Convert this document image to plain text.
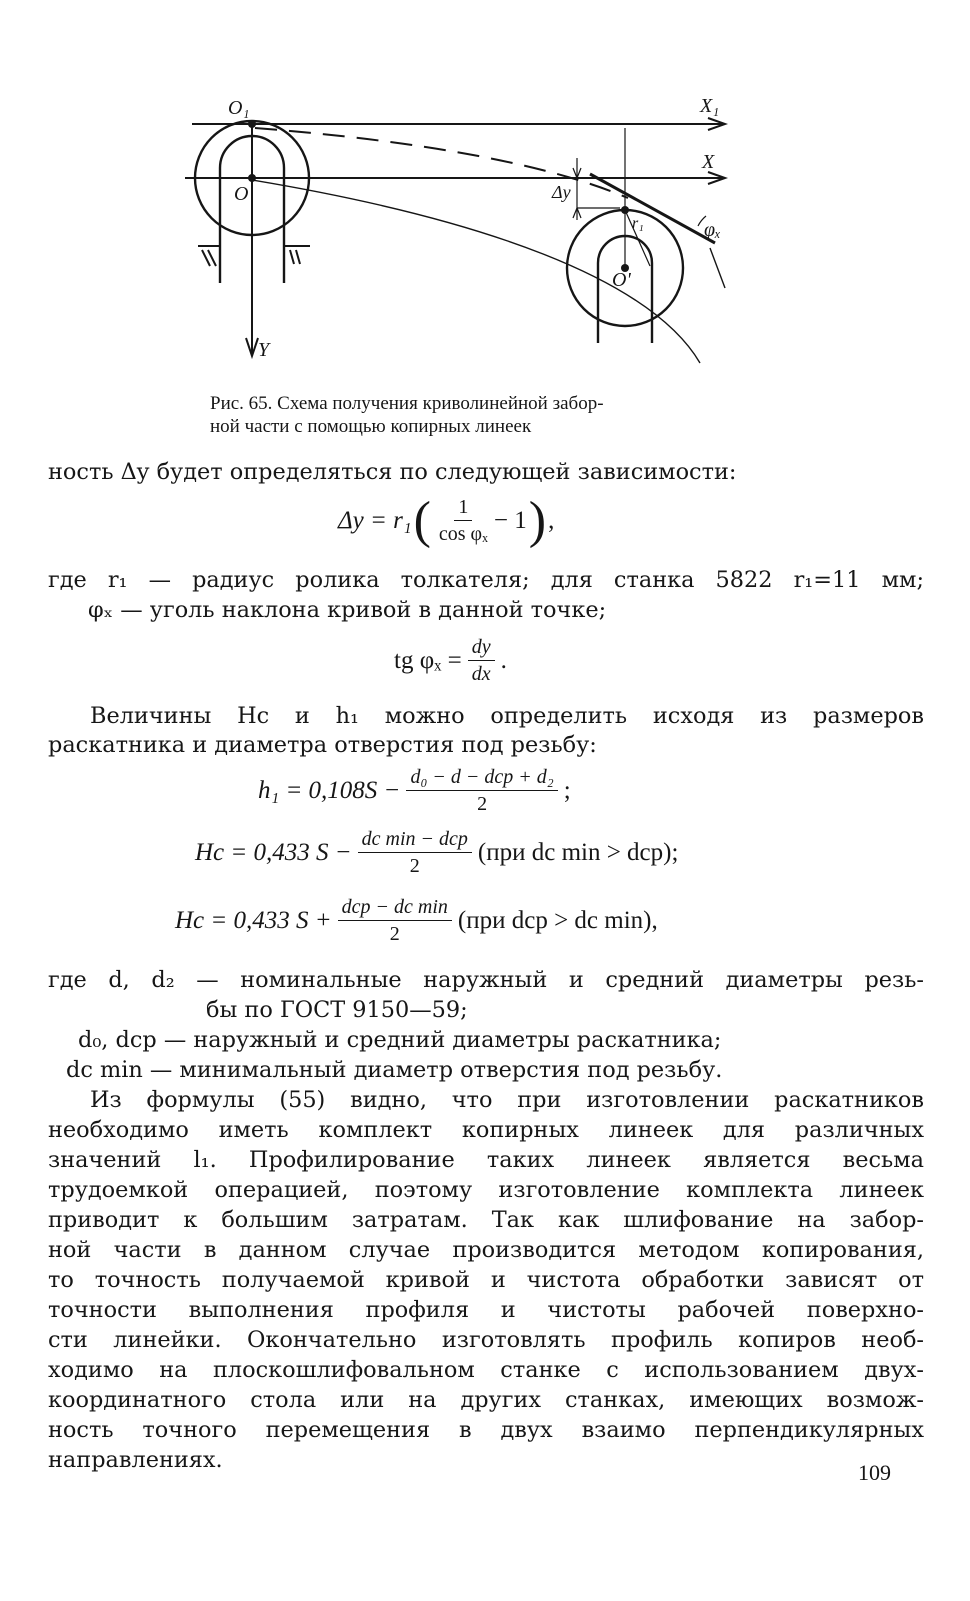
O₁	X₁
X
O
Y
O'
Δy
r₁	φₓ
Рис. 65. Схема получения криволинейной забор-
ной части с помощью копирных линеек
ность Δy будет определяться по следующей зависимости:
Δy = r₁ ( $\frac{1}{\text{cos φₓ}} - 1$ ) ,
где r₁ — радиус ролика толкателя; для станка 5822 r₁=11 мм;
φₓ — уголь наклона кривой в данной точке;
tg $\varphi_x = \frac{dy}{dx}$ .
Величины Hс и h₁ можно определить исходя из размеров
раскатника и диаметра отверстия под резьбу:
$h_1 = 0,108S - \frac{\text{d₀ − d − dср + d₂}}{2}$ ;
Hс = 0,433 $S - \frac{\text{dс min − dср}}{2} (при$ dс min > dср);
Hс = 0,433 $S + \frac{\text{dср − dс min}}{2} (при$ dср > dс min),
где d, d₂ — номинальные наружный и средний диаметры резь-
бы по ГОСТ 9150—59;
d₀, dср — наружный и средний диаметры раскатника;
dс min — минимальный диаметр отверстия под резьбу.
Из формулы (55) видно, что при изготовлении раскатников
необходимо иметь комплект копирных линеек для различных
значений l₁. Профилирование таких линеек является весьма
трудоемкой операцией, поэтому изготовление комплекта линеек
приводит к большим затратам. Так как шлифование на забор-
ной части в данном случае производится методом копирования,
то точность получаемой кривой и чистота обработки зависят от
точности выполнения профиля и чистоты рабочей поверхно-
сти линейки. Окончательно изготовлять профиль копиров необ-
ходимо на плоскошлифовальном станке с использованием двух-
координатного стола или на других станках, имеющих возмож-
ность точного перемещения в двух взаимо перпендикулярных
направлениях.	109
